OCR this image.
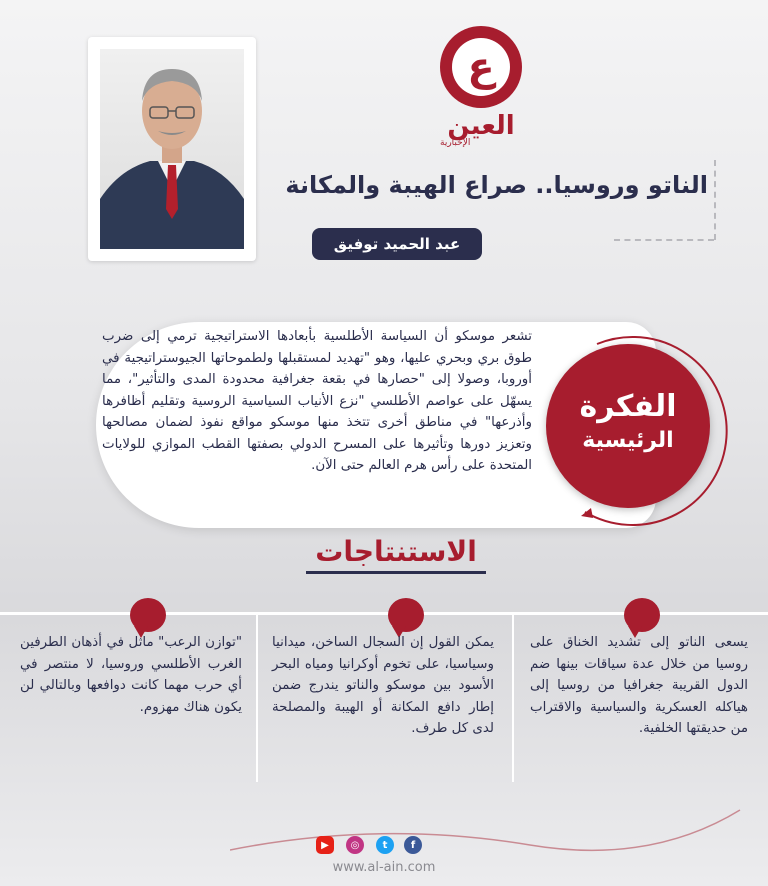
ع
العين
الإخبارية
الناتو وروسيا.. صراع الهيبة والمكانة
عبد الحميد توفيق
الفكرة
الرئيسية
تشعر موسكو أن السياسة الأطلسية بأبعادها الاستراتيجية ترمي إلى ضرب طوق بري وبحري عليها، وهو "تهديد لمستقبلها ولطموحاتها الجيوستراتيجية في أوروبا، وصولا إلى "حصارها في بقعة جغرافية محدودة المدى والتأثير"، مما يسهّل على عواصم الأطلسي "نزع الأنياب السياسية الروسية وتقليم أظافرها وأذرعها" في مناطق أخرى تتخذ منها موسكو مواقع نفوذ لضمان مصالحها وتعزيز دورها وتأثيرها على المسرح الدولي بصفتها القطب الموازي للولايات المتحدة على رأس هرم العالم حتى الآن.
الاستنتاجات
يسعى الناتو إلى تشديد الخناق على روسيا من خلال عدة سياقات بينها ضم الدول القريبة جغرافيا من روسيا إلى هياكله العسكرية والسياسية والاقتراب من حديقتها الخلفية.
يمكن القول إن السجال الساخن، ميدانيا وسياسيا، على تخوم أوكرانيا ومياه البحر الأسود بين موسكو والناتو يندرج ضمن إطار دافع المكانة أو الهيبة والمصلحة لدى كل طرف.
"توازن الرعب" ماثل في أذهان الطرفين الغرب الأطلسي وروسيا، لا منتصر في أي حرب مهما كانت دوافعها وبالتالي لن يكون هناك مهزوم.
f
t
◎
▶
www.al-ain.com
